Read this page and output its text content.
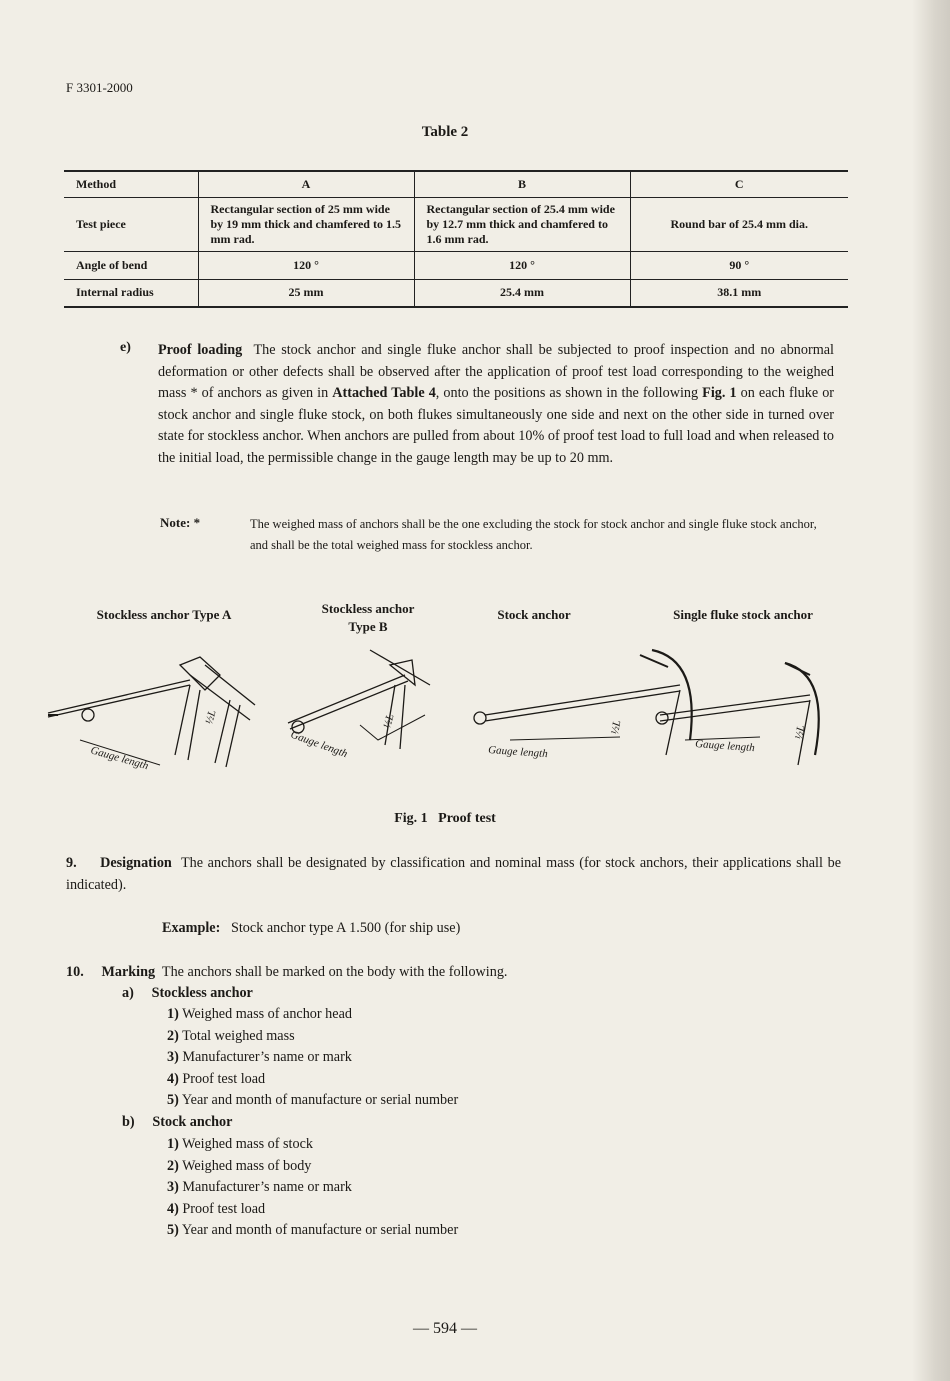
F 3301-2000
Table 2
Method	A	B	C
Test piece	Rectangular section of 25 mm wide by 19 mm thick and chamfered to 1.5 mm rad.	Rectangular section of 25.4 mm wide by 12.7 mm thick and chamfered to 1.6 mm rad.	Round bar of 25.4 mm dia.
Angle of bend	120 °	120 °	90 °
Internal radius	25 mm	25.4 mm	38.1 mm
e) Proof loading The stock anchor and single fluke anchor shall be subjected to proof inspection and no abnormal deformation or other defects shall be observed after the application of proof test load corresponding to the weighed mass * of anchors as given in Attached Table 4, onto the positions as shown in the following Fig. 1 on each fluke or stock anchor and single fluke stock, on both flukes simultaneously one side and next on the other side in turned over state for stockless anchor. When anchors are pulled from about 10% of proof test load to full load and when released to the initial load, the permissible change in the gauge length may be up to 20 mm.
Note: *	The weighed mass of anchors shall be the one excluding the stock for stock anchor and single fluke stock anchor, and shall be the total weighed mass for stockless anchor.
Stockless anchor Type A	Stockless anchor Type B
Stock anchor	Single fluke stock anchor
Gauge length	Gauge length	Gauge length	Gauge length
½L	½L	½L	½L
Fig. 1 Proof test
9. Designation The anchors shall be designated by classification and nominal mass (for stock anchors, their applications shall be indicated).
Example: Stock anchor type A 1.500 (for ship use)
10. Marking The anchors shall be marked on the body with the following.
a) Stockless anchor
1) Weighed mass of anchor head
2) Total weighed mass
3) Manufacturer’s name or mark
4) Proof test load
5) Year and month of manufacture or serial number
b) Stock anchor
1) Weighed mass of stock
2) Weighed mass of body
3) Manufacturer’s name or mark
4) Proof test load
5) Year and month of manufacture or serial number
— 594 —
